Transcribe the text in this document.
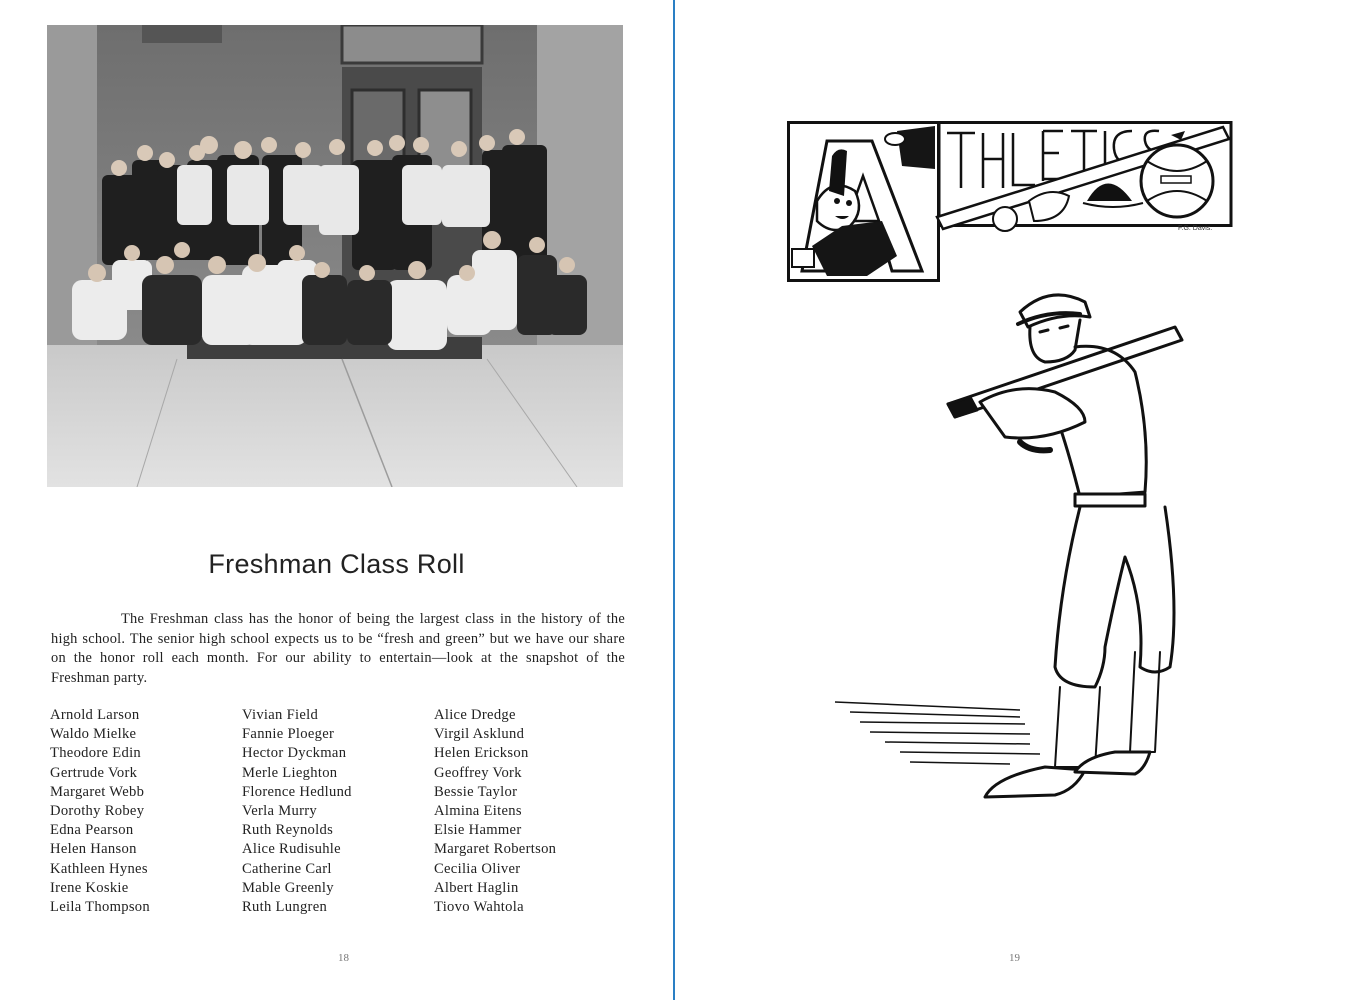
Freshman Class Roll

The Freshman class has the honor of being the largest class in the history of the high school. The senior high school expects us to be “fresh and green” but we have our share on the honor roll each month. For our ability to entertain—look at the snapshot of the Freshman party.

Arnold Larson
Waldo Mielke
Theodore Edin
Gertrude Vork
Margaret Webb
Dorothy Robey
Edna Pearson
Helen Hanson
Kathleen Hynes
Irene Koskie
Leila Thompson
Vivian Field
Fannie Ploeger
Hector Dyckman
Merle Lieghton
Florence Hedlund
Verla Murry
Ruth Reynolds
Alice Rudisuhle
Catherine Carl
Mable Greenly
Ruth Lungren
Alice Dredge
Virgil Asklund
Helen Erickson
Geoffrey Vork
Bessie Taylor
Almina Eitens
Elsie Hammer
Margaret Robertson
Cecilia Oliver
Albert Haglin
Tiovo Wahtola
18	19
F.G. Davis.
